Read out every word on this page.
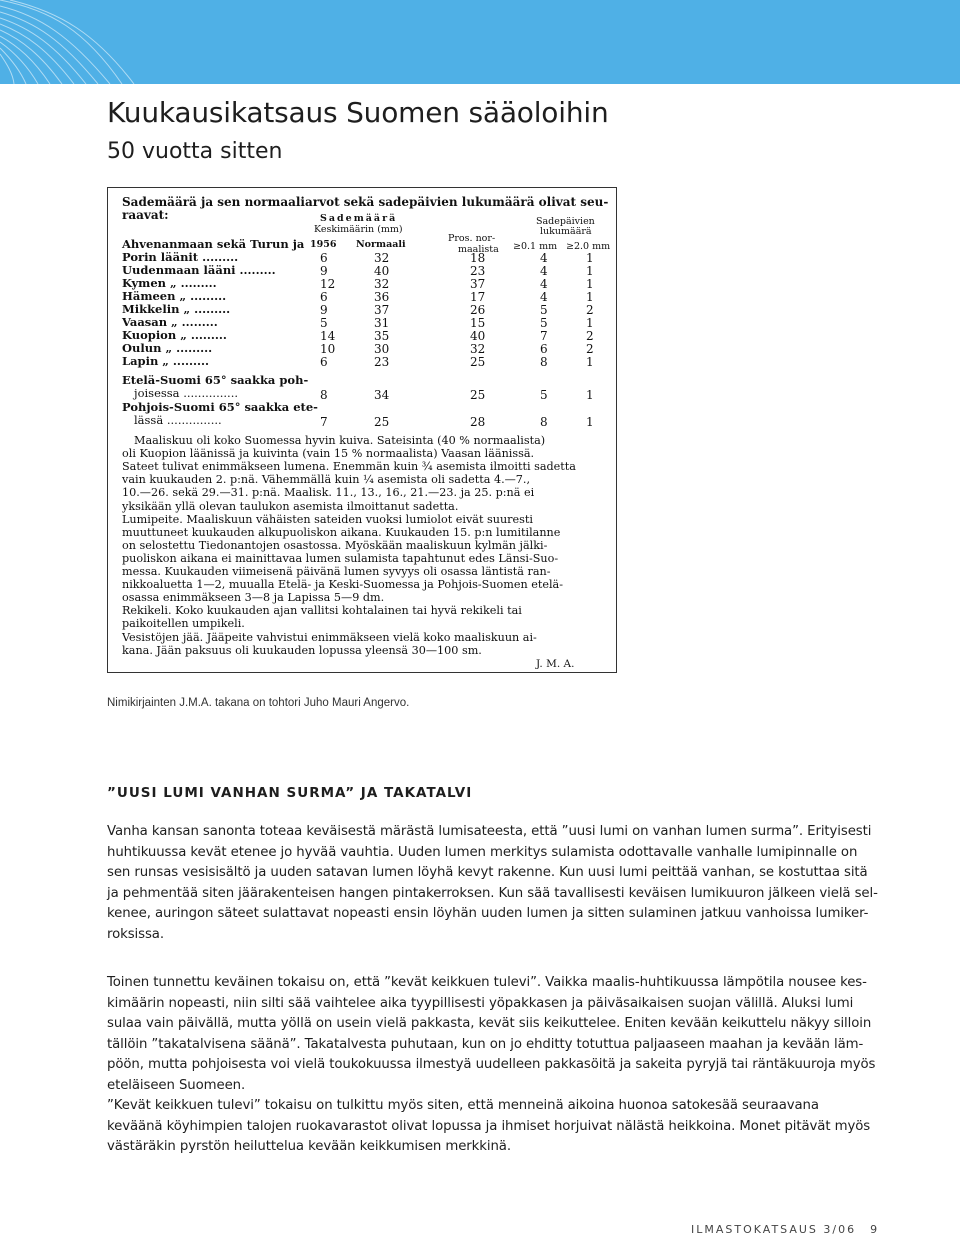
Kuukausikatsaus Suomen sääoloihin
50 vuotta sitten
Sademäärä ja sen normaaliarvot sekä sadepäivien lukumäärä olivat seu-
raavat:	Sademäärä
Keskimäärin (mm)
1956 Normaali
Pros. nor-
maalista
Sadepäivien
lukumäärä
≥0.1 mm ≥2.0 mm
Ahvenanmaan sekä Turun ja
Porin läänit .........	6	32	18	4	1
Uudenmaan lääni .........	9	40	23	4	1
Kymen „ .........	12	32	37	4	1
Hämeen „ .........	6	36	17	4	1
Mikkelin „ .........	9	37	26	5	2
Vaasan „ .........	5	31	15	5	1
Kuopion „ .........	14	35	40	7	2
Oulun „ .........	10	30	32	6	2
Lapin „ .........	6	23	25	8	1
Etelä-Suomi 65° saakka poh-
joisessa ...............	8	34	25	5	1
Pohjois-Suomi 65° saakka ete-
lässä ...............	7	25	28	8	1
Maaliskuu oli koko Suomessa hyvin kuiva. Sateisinta (40 % normaalista)
oli Kuopion läänissä ja kuivinta (vain 15 % normaalista) Vaasan läänissä.
Sateet tulivat enimmäkseen lumena. Enemmän kuin ¾ asemista ilmoitti sadetta
vain kuukauden 2. p:nä. Vähemmällä kuin ¼ asemista oli sadetta 4.—7.,
10.—26. sekä 29.—31. p:nä. Maalisk. 11., 13., 16., 21.—23. ja 25. p:nä ei
yksikään yllä olevan taulukon asemista ilmoittanut sadetta.
Lumipeite. Maaliskuun vähäisten sateiden vuoksi lumiolot eivät suuresti
muuttuneet kuukauden alkupuoliskon aikana. Kuukauden 15. p:n lumitilanne
on selostettu Tiedonantojen osastossa. Myöskään maaliskuun kylmän jälki-
puoliskon aikana ei mainittavaa lumen sulamista tapahtunut edes Länsi-Suo-
messa. Kuukauden viimeisenä päivänä lumen syvyys oli osassa läntistä ran-
nikkoaluetta 1—2, muualla Etelä- ja Keski-Suomessa ja Pohjois-Suomen etelä-
osassa enimmäkseen 3—8 ja Lapissa 5—9 dm.
Rekikeli. Koko kuukauden ajan vallitsi kohtalainen tai hyvä rekikeli tai
paikoitellen umpikeli.
Vesistöjen jää. Jääpeite vahvistui enimmäkseen vielä koko maaliskuun ai-
kana. Jään paksuus oli kuukauden lopussa yleensä 30—100 sm.
J. M. A.
Nimikirjainten J.M.A. takana on tohtori Juho Mauri Angervo.
”UUSI LUMI VANHAN SURMA” JA TAKATALVI
Vanha kansan sanonta toteaa keväisestä märästä lumisateesta, että ”uusi lumi on vanhan lumen surma”. Erityisesti
huhtikuussa kevät etenee jo hyvää vauhtia. Uuden lumen merkitys sulamista odottavalle vanhalle lumipinnalle on
sen runsas vesisisältö ja uuden satavan lumen löyhä kevyt rakenne. Kun uusi lumi peittää vanhan, se kostuttaa sitä
ja pehmentää siten jäärakenteisen hangen pintakerroksen. Kun sää tavallisesti keväisen lumikuuron jälkeen vielä sel-
kenee, auringon säteet sulattavat nopeasti ensin löyhän uuden lumen ja sitten sulaminen jatkuu vanhoissa lumiker-
roksissa.
Toinen tunnettu keväinen tokaisu on, että ”kevät keikkuen tulevi”. Vaikka maalis-huhtikuussa lämpötila nousee kes-
kimäärin nopeasti, niin silti sää vaihtelee aika tyypillisesti yöpakkasen ja päiväsaikaisen suojan välillä. Aluksi lumi
sulaa vain päivällä, mutta yöllä on usein vielä pakkasta, kevät siis keikuttelee. Eniten kevään keikuttelu näkyy silloin
tällöin ”takatalvisena säänä”. Takatalvesta puhutaan, kun on jo ehditty totuttua paljaaseen maahan ja kevään läm-
pöön, mutta pohjoisesta voi vielä toukokuussa ilmestyä uudelleen pakkasöitä ja sakeita pyryjä tai räntäkuuroja myös
eteläiseen Suomeen.
”Kevät keikkuen tulevi” tokaisu on tulkittu myös siten, että menneinä aikoina huonoa satokesää seuraavana
keväänä köyhimpien talojen ruokavarastot olivat lopussa ja ihmiset horjuivat nälästä heikkoina. Monet pitävät myös
västäräkin pyrstön heiluttelua kevään keikkumisen merkkinä.
ILMASTOKATSAUS 3/06 9
